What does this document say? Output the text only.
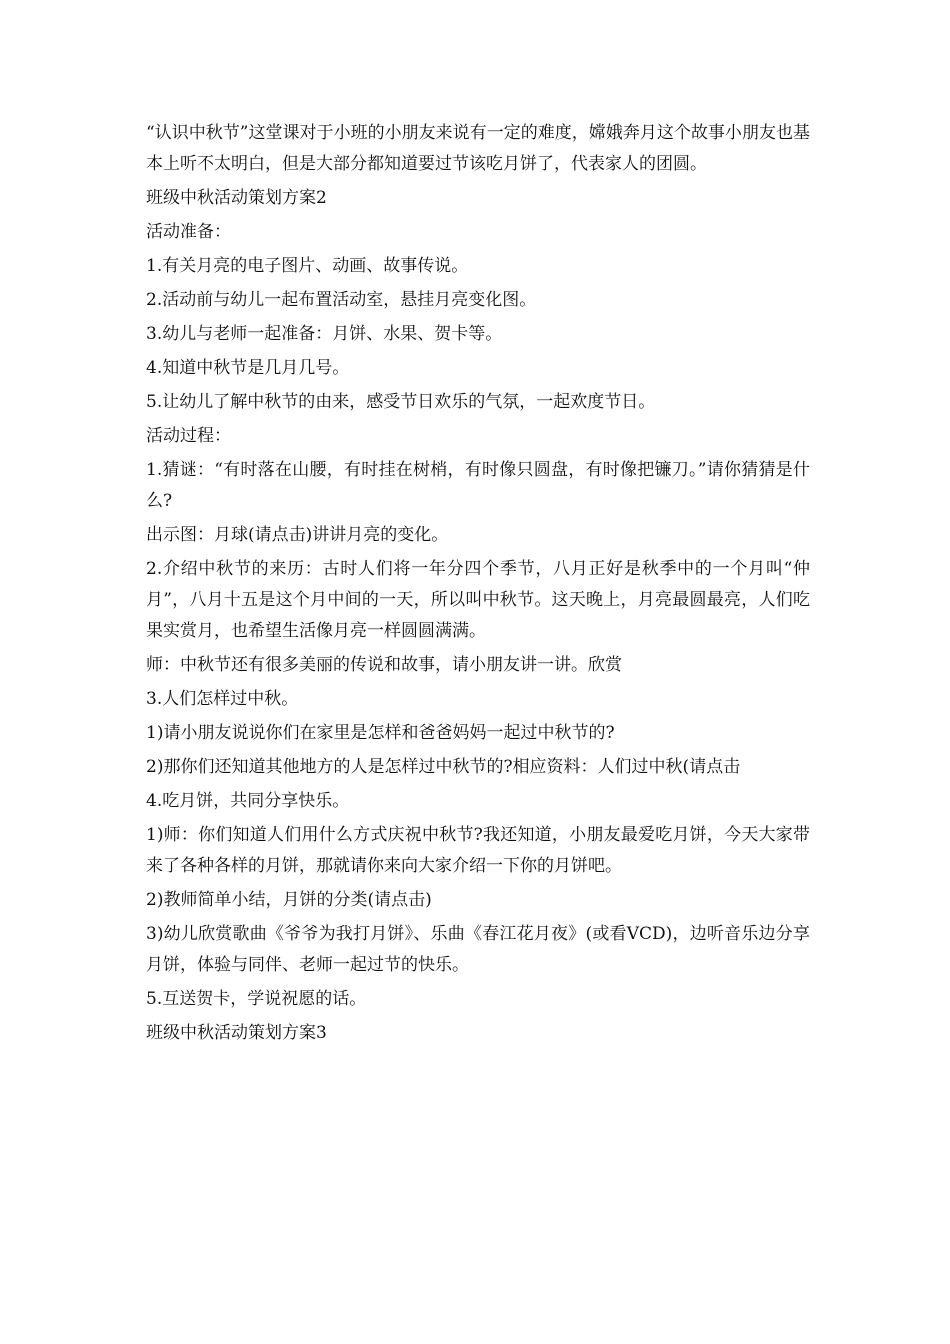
“认识中秋节”这堂课对于小班的小朋友来说有一定的难度，嫦娥奔月这个故事小朋友也基本上听不太明白，但是大部分都知道要过节该吃月饼了，代表家人的团圆。

班级中秋活动策划方案2

活动准备：

1.有关月亮的电子图片、动画、故事传说。

2.活动前与幼儿一起布置活动室，悬挂月亮变化图。

3.幼儿与老师一起准备：月饼、水果、贺卡等。

4.知道中秋节是几月几号。

5.让幼儿了解中秋节的由来，感受节日欢乐的气氛，一起欢度节日。

活动过程：

1.猜谜：“有时落在山腰，有时挂在树梢，有时像只圆盘，有时像把镰刀。”请你猜猜是什么?

出示图：月球(请点击)讲讲月亮的变化。

2.介绍中秋节的来历：古时人们将一年分四个季节，八月正好是秋季中的一个月叫“仲月”，八月十五是这个月中间的一天，所以叫中秋节。这天晚上，月亮最圆最亮，人们吃果实赏月，也希望生活像月亮一样圆圆满满。

师：中秋节还有很多美丽的传说和故事，请小朋友讲一讲。欣赏

3.人们怎样过中秋。

1)请小朋友说说你们在家里是怎样和爸爸妈妈一起过中秋节的?

2)那你们还知道其他地方的人是怎样过中秋节的?相应资料：人们过中秋(请点击

4.吃月饼，共同分享快乐。

1)师：你们知道人们用什么方式庆祝中秋节?我还知道，小朋友最爱吃月饼，今天大家带来了各种各样的月饼，那就请你来向大家介绍一下你的月饼吧。

2)教师简单小结，月饼的分类(请点击)

3)幼儿欣赏歌曲《爷爷为我打月饼》、乐曲《春江花月夜》(或看VCD)，边听音乐边分享月饼，体验与同伴、老师一起过节的快乐。

5.互送贺卡，学说祝愿的话。

班级中秋活动策划方案3
